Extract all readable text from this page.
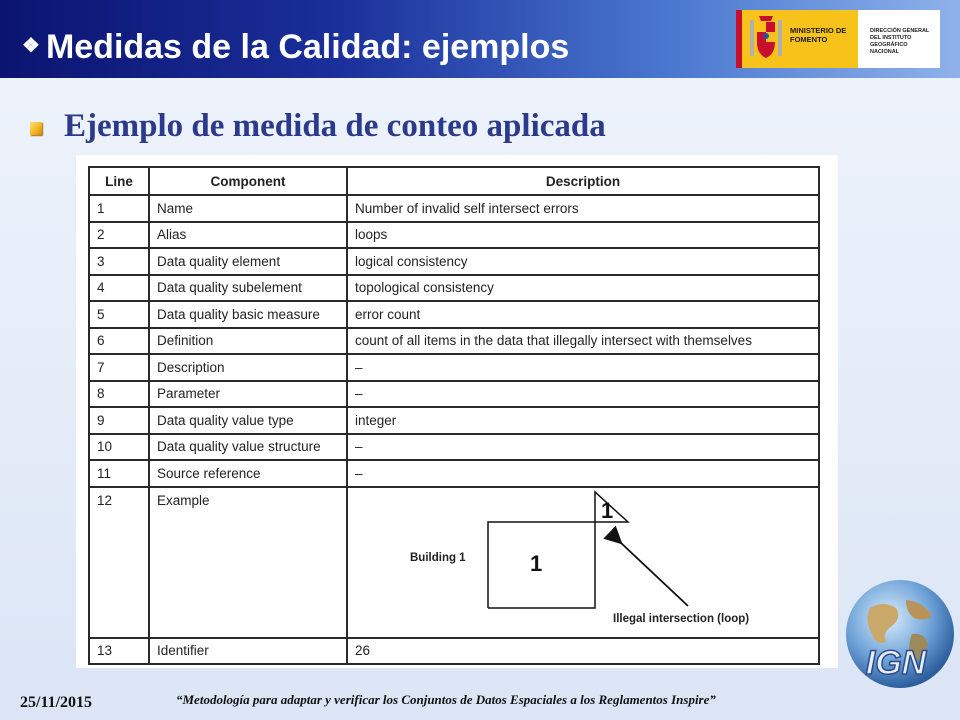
❖ Medidas de la Calidad: ejemplos	MINISTERIO DE FOMENTO
DIRECCIÓN GENERAL DEL INSTITUTO GEOGRÁFICO NACIONAL
Ejemplo de medida de conteo aplicada
Line	Component	Description
1	Name	Number of invalid self intersect errors
2	Alias	loops
3	Data quality element	logical consistency
4	Data quality subelement	topological consistency
5	Data quality basic measure	error count
6	Definition	count of all items in the data that illegally intersect with themselves
7	Description	–
8	Parameter	–
9	Data quality value type	integer
10	Data quality value structure	–
11	Source reference	–
12	Example	Building 1 1
1
Illegal intersection (loop)

13	Identifier	26	IGN
25/11/2015	“Metodología para adaptar y verificar los Conjuntos de Datos Espaciales a los Reglamentos Inspire”
